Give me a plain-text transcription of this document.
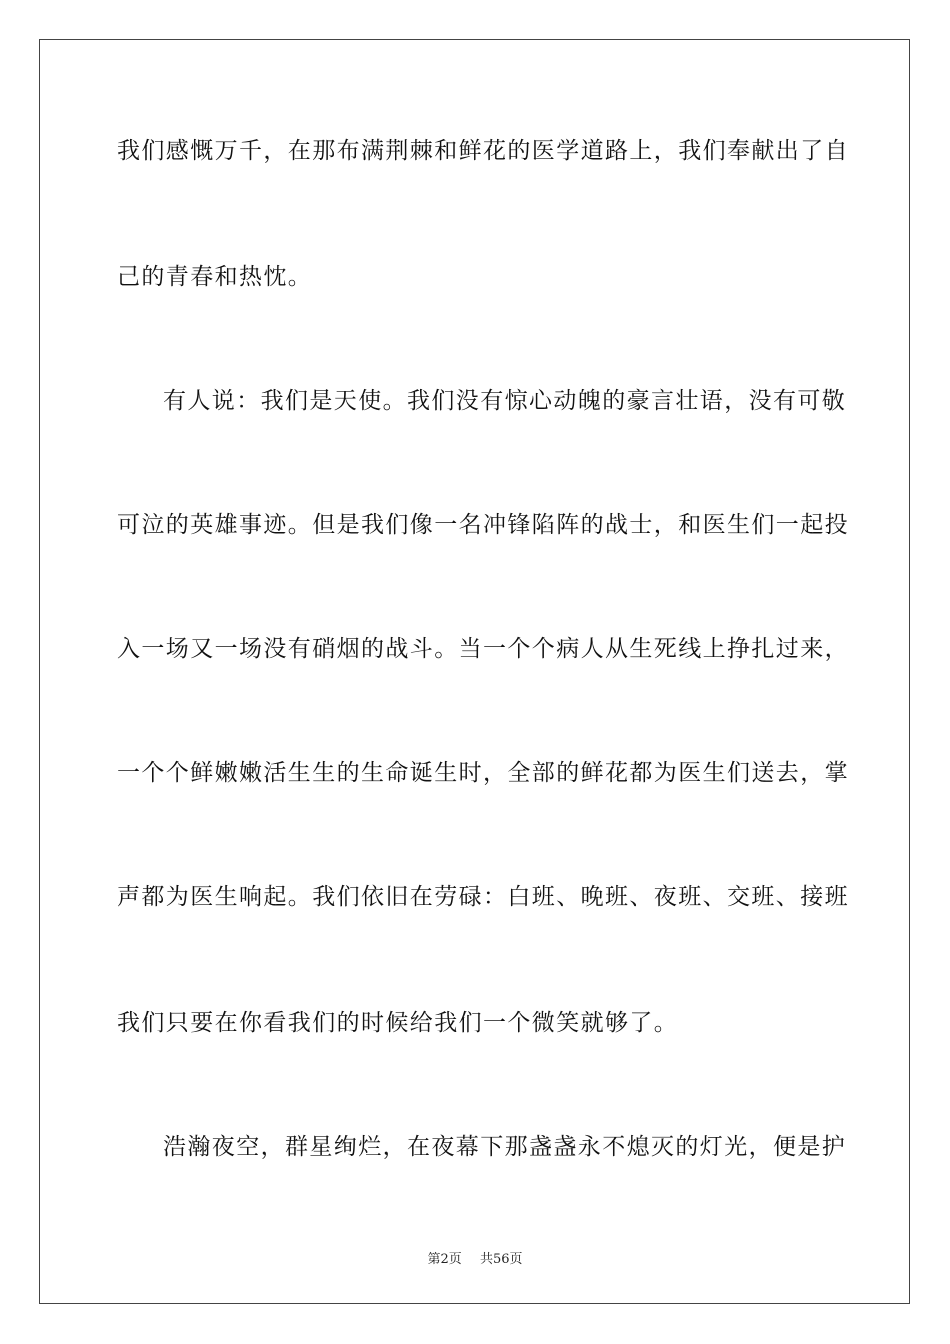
我们感慨万千，在那布满荆棘和鲜花的医学道路上，我们奉献出了自
己的青春和热忱。
有人说：我们是天使。我们没有惊心动魄的豪言壮语，没有可敬
可泣的英雄事迹。但是我们像一名冲锋陷阵的战士，和医生们一起投
入一场又一场没有硝烟的战斗。当一个个病人从生死线上挣扎过来，
一个个鲜嫩嫩活生生的生命诞生时，全部的鲜花都为医生们送去，掌
声都为医生响起。我们依旧在劳碌：白班、晚班、夜班、交班、接班
我们只要在你看我们的时候给我们一个微笑就够了。
浩瀚夜空，群星绚烂，在夜幕下那盏盏永不熄灭的灯光，便是护
第2页 共56页
